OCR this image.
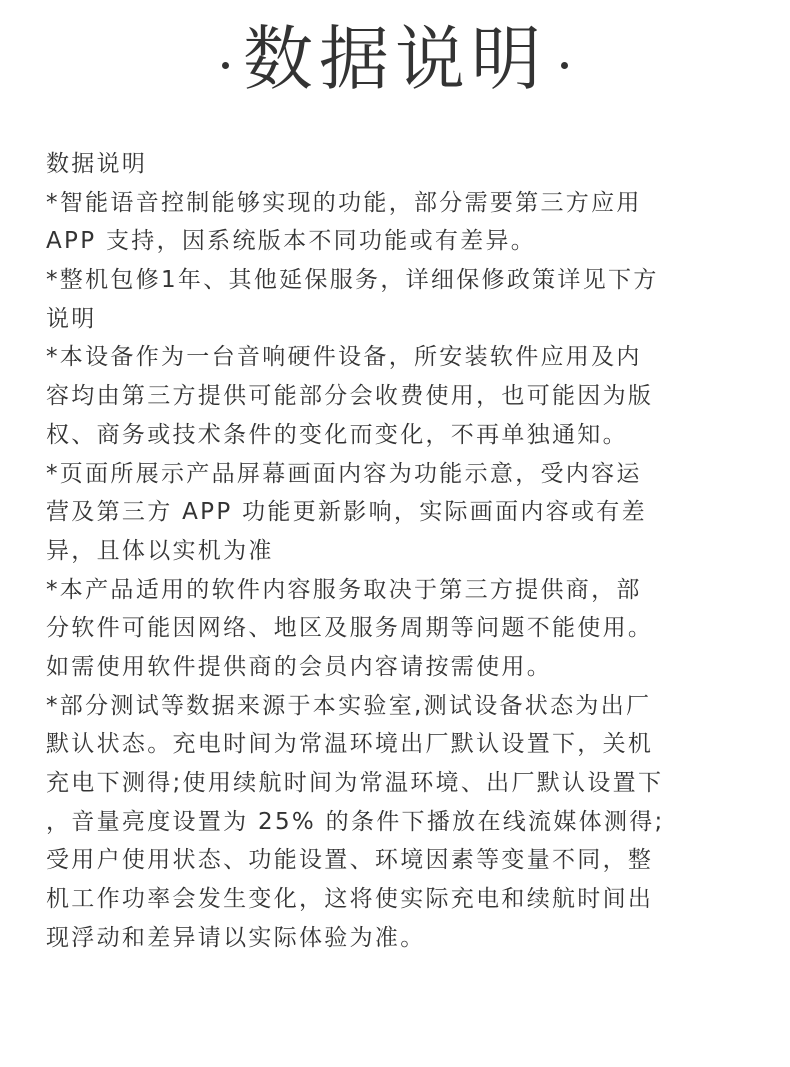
数据说明
数据说明
*智能语音控制能够实现的功能，部分需要第三方应用
APP 支持，因系统版本不同功能或有差异。
*整机包修1年、其他延保服务，详细保修政策详见下方
说明
*本设备作为一台音响硬件设备，所安装软件应用及内
容均由第三方提供可能部分会收费使用，也可能因为版
权、商务或技术条件的变化而变化，不再单独通知。
*页面所展示产品屏幕画面内容为功能示意，受内容运
营及第三方 APP 功能更新影响，实际画面内容或有差
异，且体以实机为准
*本产品适用的软件内容服务取决于第三方提供商，部
分软件可能因网络、地区及服务周期等问题不能使用。
如需使用软件提供商的会员内容请按需使用。
*部分测试等数据来源于本实验室,测试设备状态为出厂
默认状态。充电时间为常温环境出厂默认设置下，关机
充电下测得;使用续航时间为常温环境、出厂默认设置下
，音量亮度设置为 25% 的条件下播放在线流媒体测得;
受用户使用状态、功能设置、环境因素等变量不同，整
机工作功率会发生变化，这将使实际充电和续航时间出
现浮动和差异请以实际体验为准。
